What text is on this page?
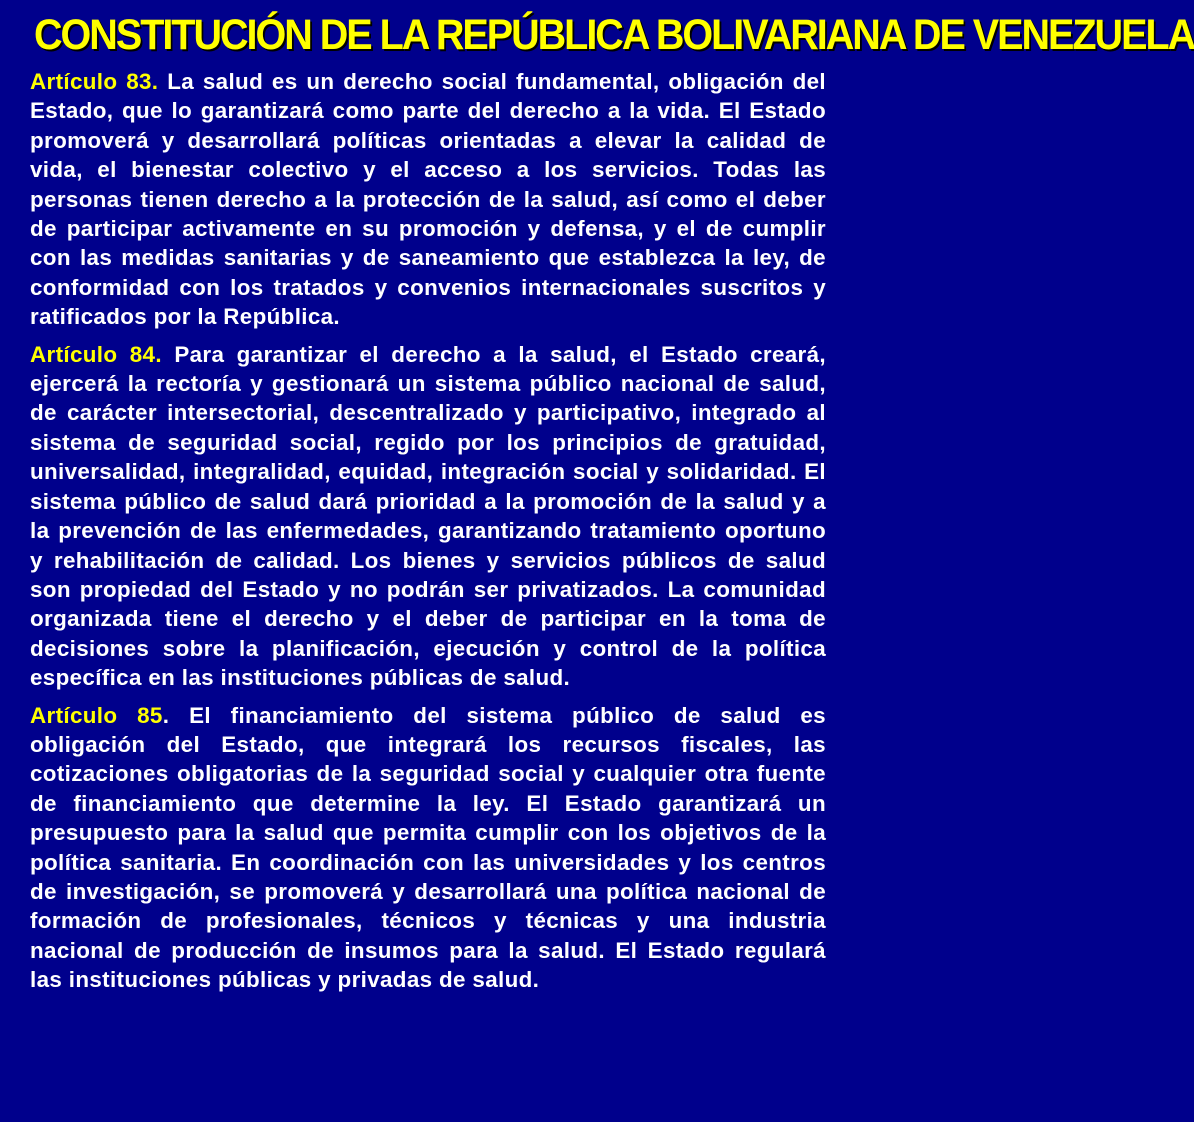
CONSTITUCIÓN DE LA REPÚBLICA BOLIVARIANA DE VENEZUELA

Artículo 83. La salud es un derecho social fundamental, obligación del Estado, que lo garantizará como parte del derecho a la vida. El Estado promoverá y desarrollará políticas orientadas a elevar la calidad de vida, el bienestar colectivo y el acceso a los servicios. Todas las personas tienen derecho a la protección de la salud, así como el deber de participar activamente en su promoción y defensa, y el de cumplir con las medidas sanitarias y de saneamiento que establezca la ley, de conformidad con los tratados y convenios internacionales suscritos y ratificados por la República.

Artículo 84. Para garantizar el derecho a la salud, el Estado creará, ejercerá la rectoría y gestionará un sistema público nacional de salud, de carácter intersectorial, descentralizado y participativo, integrado al sistema de seguridad social, regido por los principios de gratuidad, universalidad, integralidad, equidad, integración social y solidaridad. El sistema público de salud dará prioridad a la promoción de la salud y a la prevención de las enfermedades, garantizando tratamiento oportuno y rehabilitación de calidad. Los bienes y servicios públicos de salud son propiedad del Estado y no podrán ser privatizados. La comunidad organizada tiene el derecho y el deber de participar en la toma de decisiones sobre la planificación, ejecución y control de la política específica en las instituciones públicas de salud.

Artículo 85. El financiamiento del sistema público de salud es obligación del Estado, que integrará los recursos fiscales, las cotizaciones obligatorias de la seguridad social y cualquier otra fuente de financiamiento que determine la ley. El Estado garantizará un presupuesto para la salud que permita cumplir con los objetivos de la política sanitaria. En coordinación con las universidades y los centros de investigación, se promoverá y desarrollará una política nacional de formación de profesionales, técnicos y técnicas y una industria nacional de producción de insumos para la salud. El Estado regulará las instituciones públicas y privadas de salud.
